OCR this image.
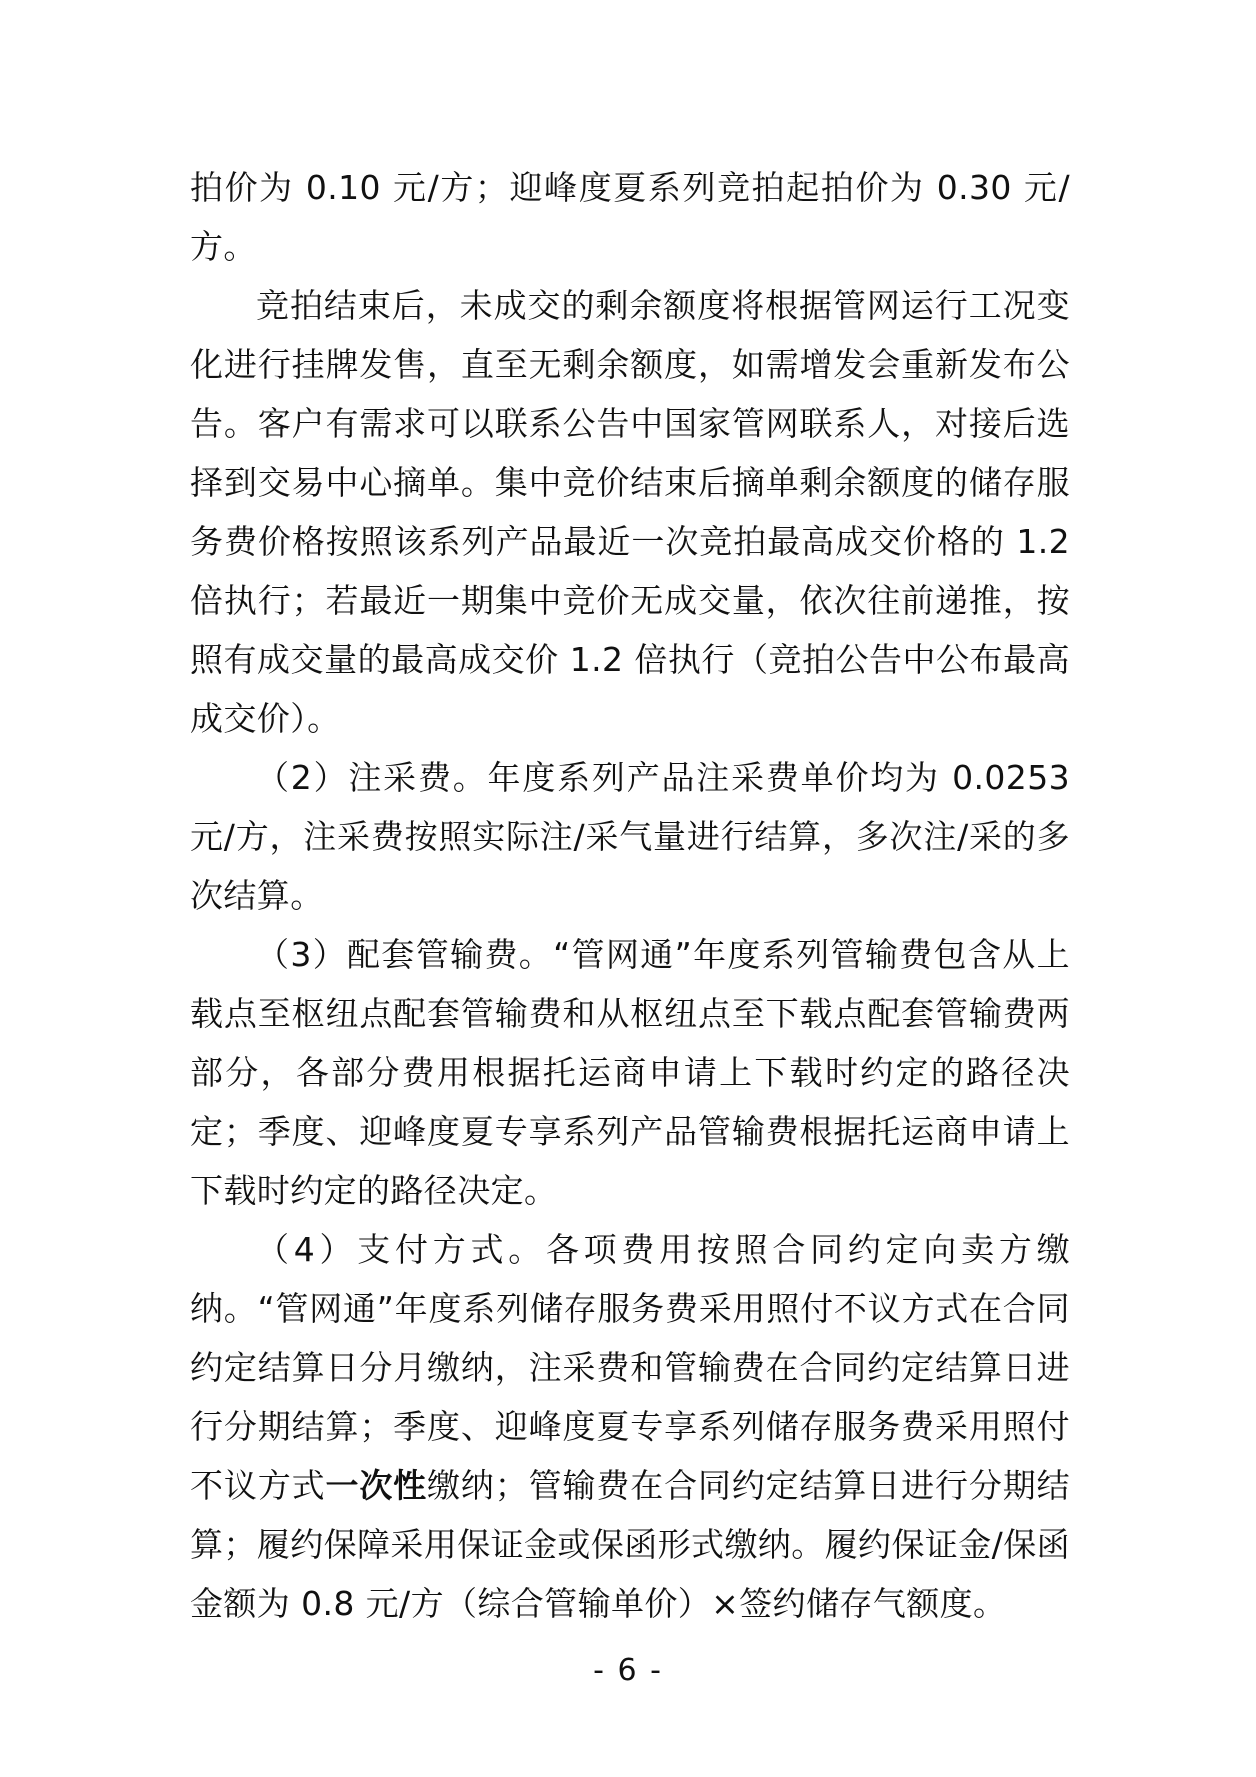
拍价为 0.10 元/方；迎峰度夏系列竞拍起拍价为 0.30 元/方。

竞拍结束后，未成交的剩余额度将根据管网运行工况变化进行挂牌发售，直至无剩余额度，如需增发会重新发布公告。客户有需求可以联系公告中国家管网联系人，对接后选择到交易中心摘单。集中竞价结束后摘单剩余额度的储存服务费价格按照该系列产品最近一次竞拍最高成交价格的 1.2 倍执行；若最近一期集中竞价无成交量，依次往前递推，按照有成交量的最高成交价 1.2 倍执行（竞拍公告中公布最高成交价）。

（2）注采费。年度系列产品注采费单价均为 0.0253 元/方，注采费按照实际注/采气量进行结算，多次注/采的多次结算。

（3）配套管输费。“管网通”年度系列管输费包含从上载点至枢纽点配套管输费和从枢纽点至下载点配套管输费两部分，各部分费用根据托运商申请上下载时约定的路径决定；季度、迎峰度夏专享系列产品管输费根据托运商申请上下载时约定的路径决定。

（4）支付方式。各项费用按照合同约定向卖方缴纳。“管网通”年度系列储存服务费采用照付不议方式在合同约定结算日分月缴纳，注采费和管输费在合同约定结算日进行分期结算；季度、迎峰度夏专享系列储存服务费采用照付不议方式一次性缴纳；管输费在合同约定结算日进行分期结算；履约保障采用保证金或保函形式缴纳。履约保证金/保函金额为 0.8 元/方（综合管输单价）×签约储存气额度。

- 6 -
